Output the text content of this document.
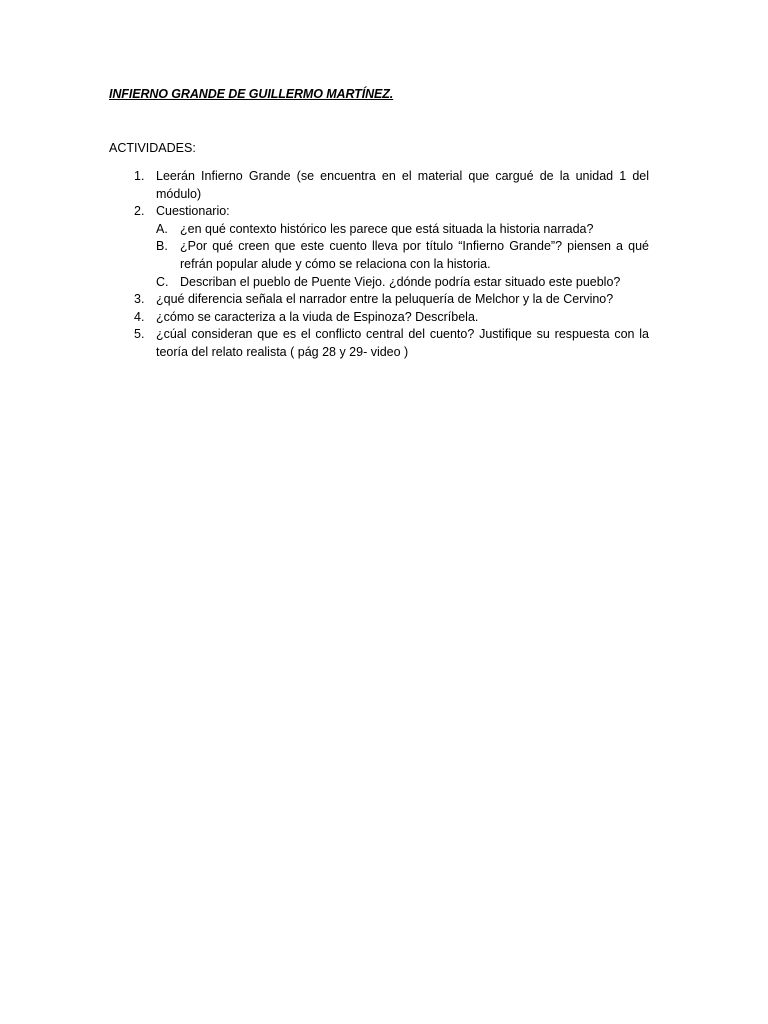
INFIERNO GRANDE DE GUILLERMO MARTÍNEZ.
ACTIVIDADES:
1. Leerán Infierno Grande (se encuentra en el material que cargué de la unidad 1 del módulo)
2. Cuestionario:
A. ¿en qué contexto histórico les parece que está situada la historia narrada?
B. ¿Por qué creen que este cuento lleva por título “Infierno Grande”? piensen a qué refrán popular alude y cómo se relaciona con la historia.
C. Describan el pueblo de Puente Viejo. ¿dónde podría estar situado este pueblo?
3. ¿qué diferencia señala el narrador entre la peluquería de Melchor y la de Cervino?
4. ¿cómo se caracteriza a la viuda de Espinoza? Descríbela.
5. ¿cúal consideran que es el conflicto central del cuento? Justifique su respuesta con la teoría del relato realista ( pág 28 y 29- video )
